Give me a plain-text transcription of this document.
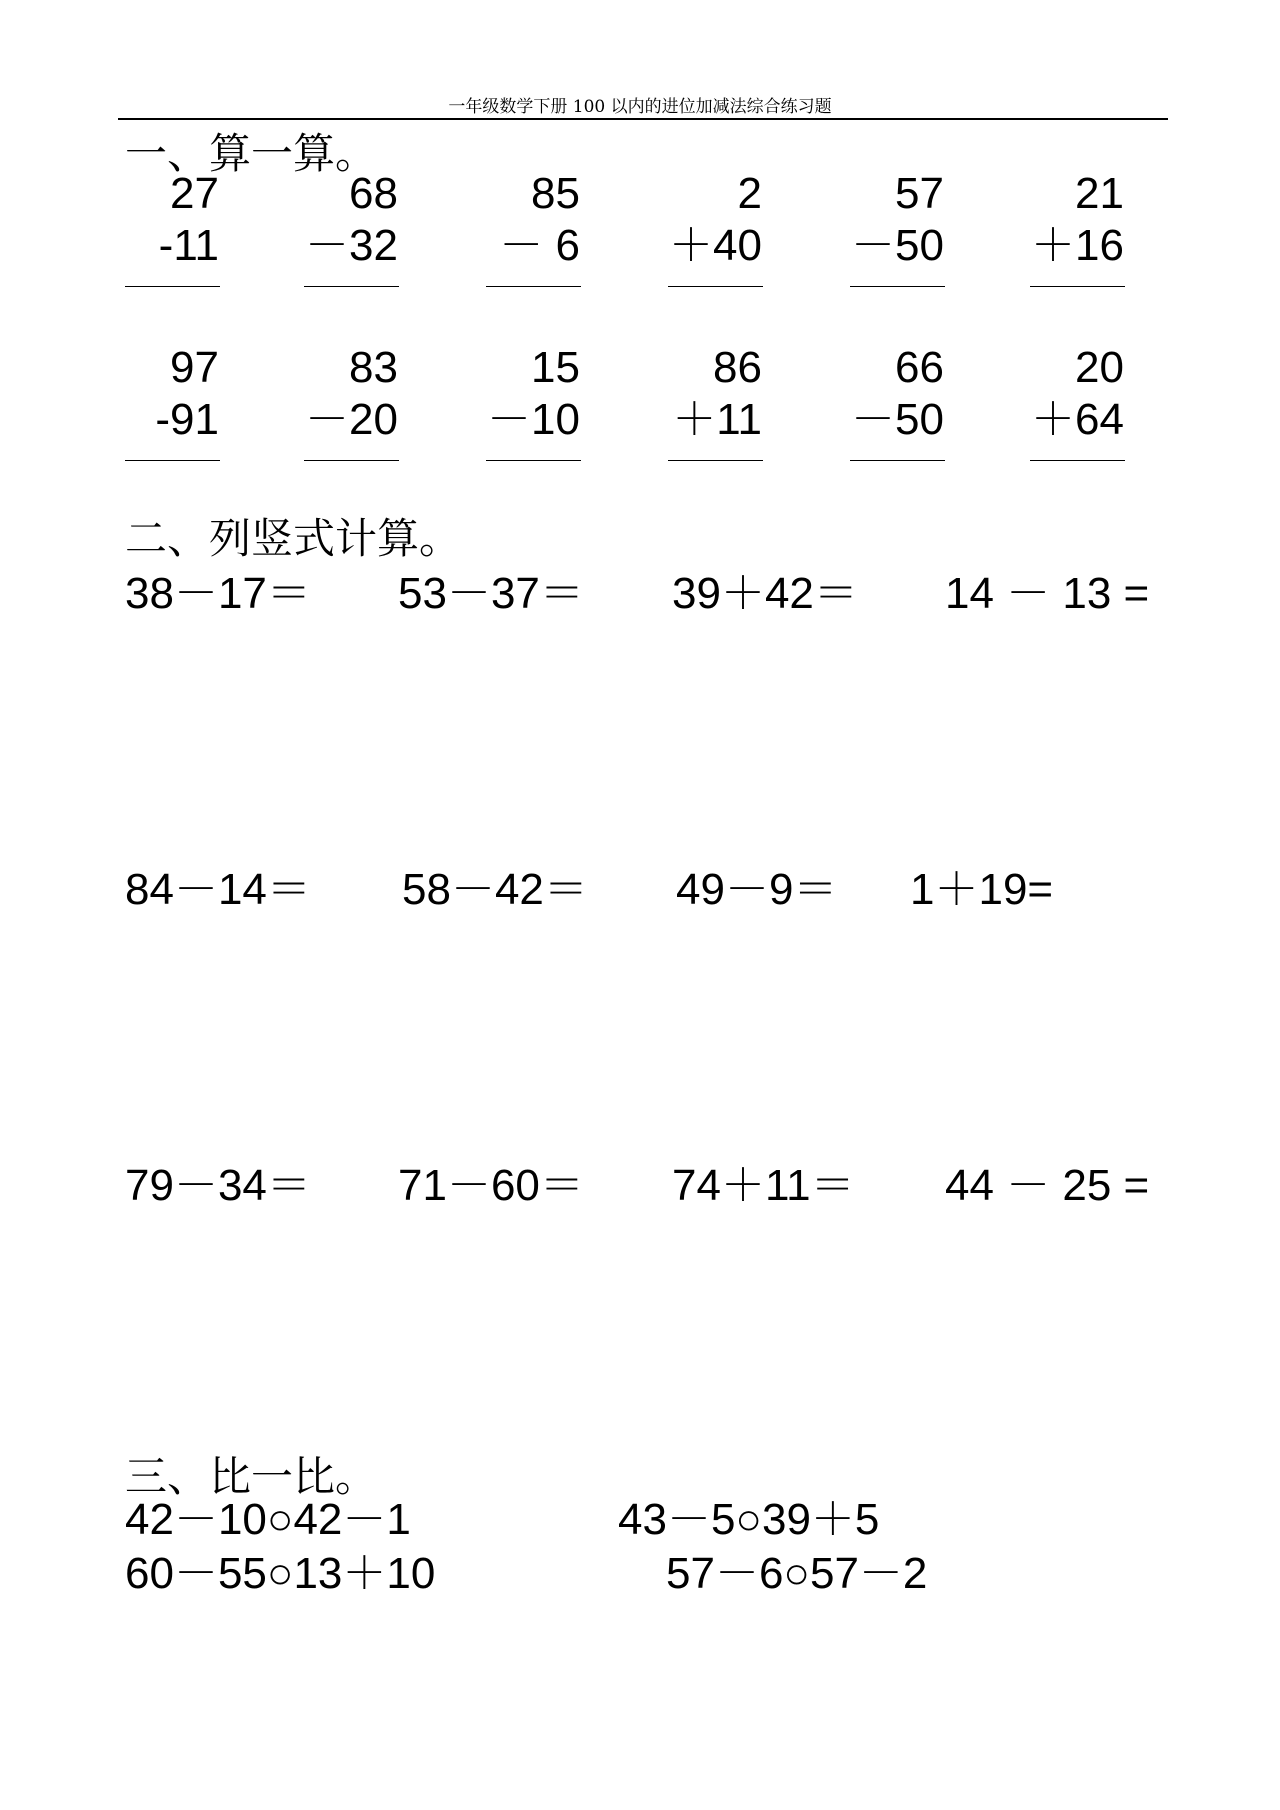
一年级数学下册 100 以内的进位加减法综合练习题
一、算一算。
27
-11
68
－32
85
－ 6
2
＋40
57
－50
21
＋16
97
-91
83
－20
15
－10
86
＋11
66
－50
20
＋64
二、列竖式计算。
38－17＝ 53－37＝ 39＋42＝ 14 － 13 =
84－14＝ 58－42＝ 49－9＝ 1＋19=
79－34＝ 71－60＝ 74＋11＝ 44 － 25 =
三、比一比。
42－10○42－1	43－5○39＋5
60－55○13＋10	57－6○57－2
